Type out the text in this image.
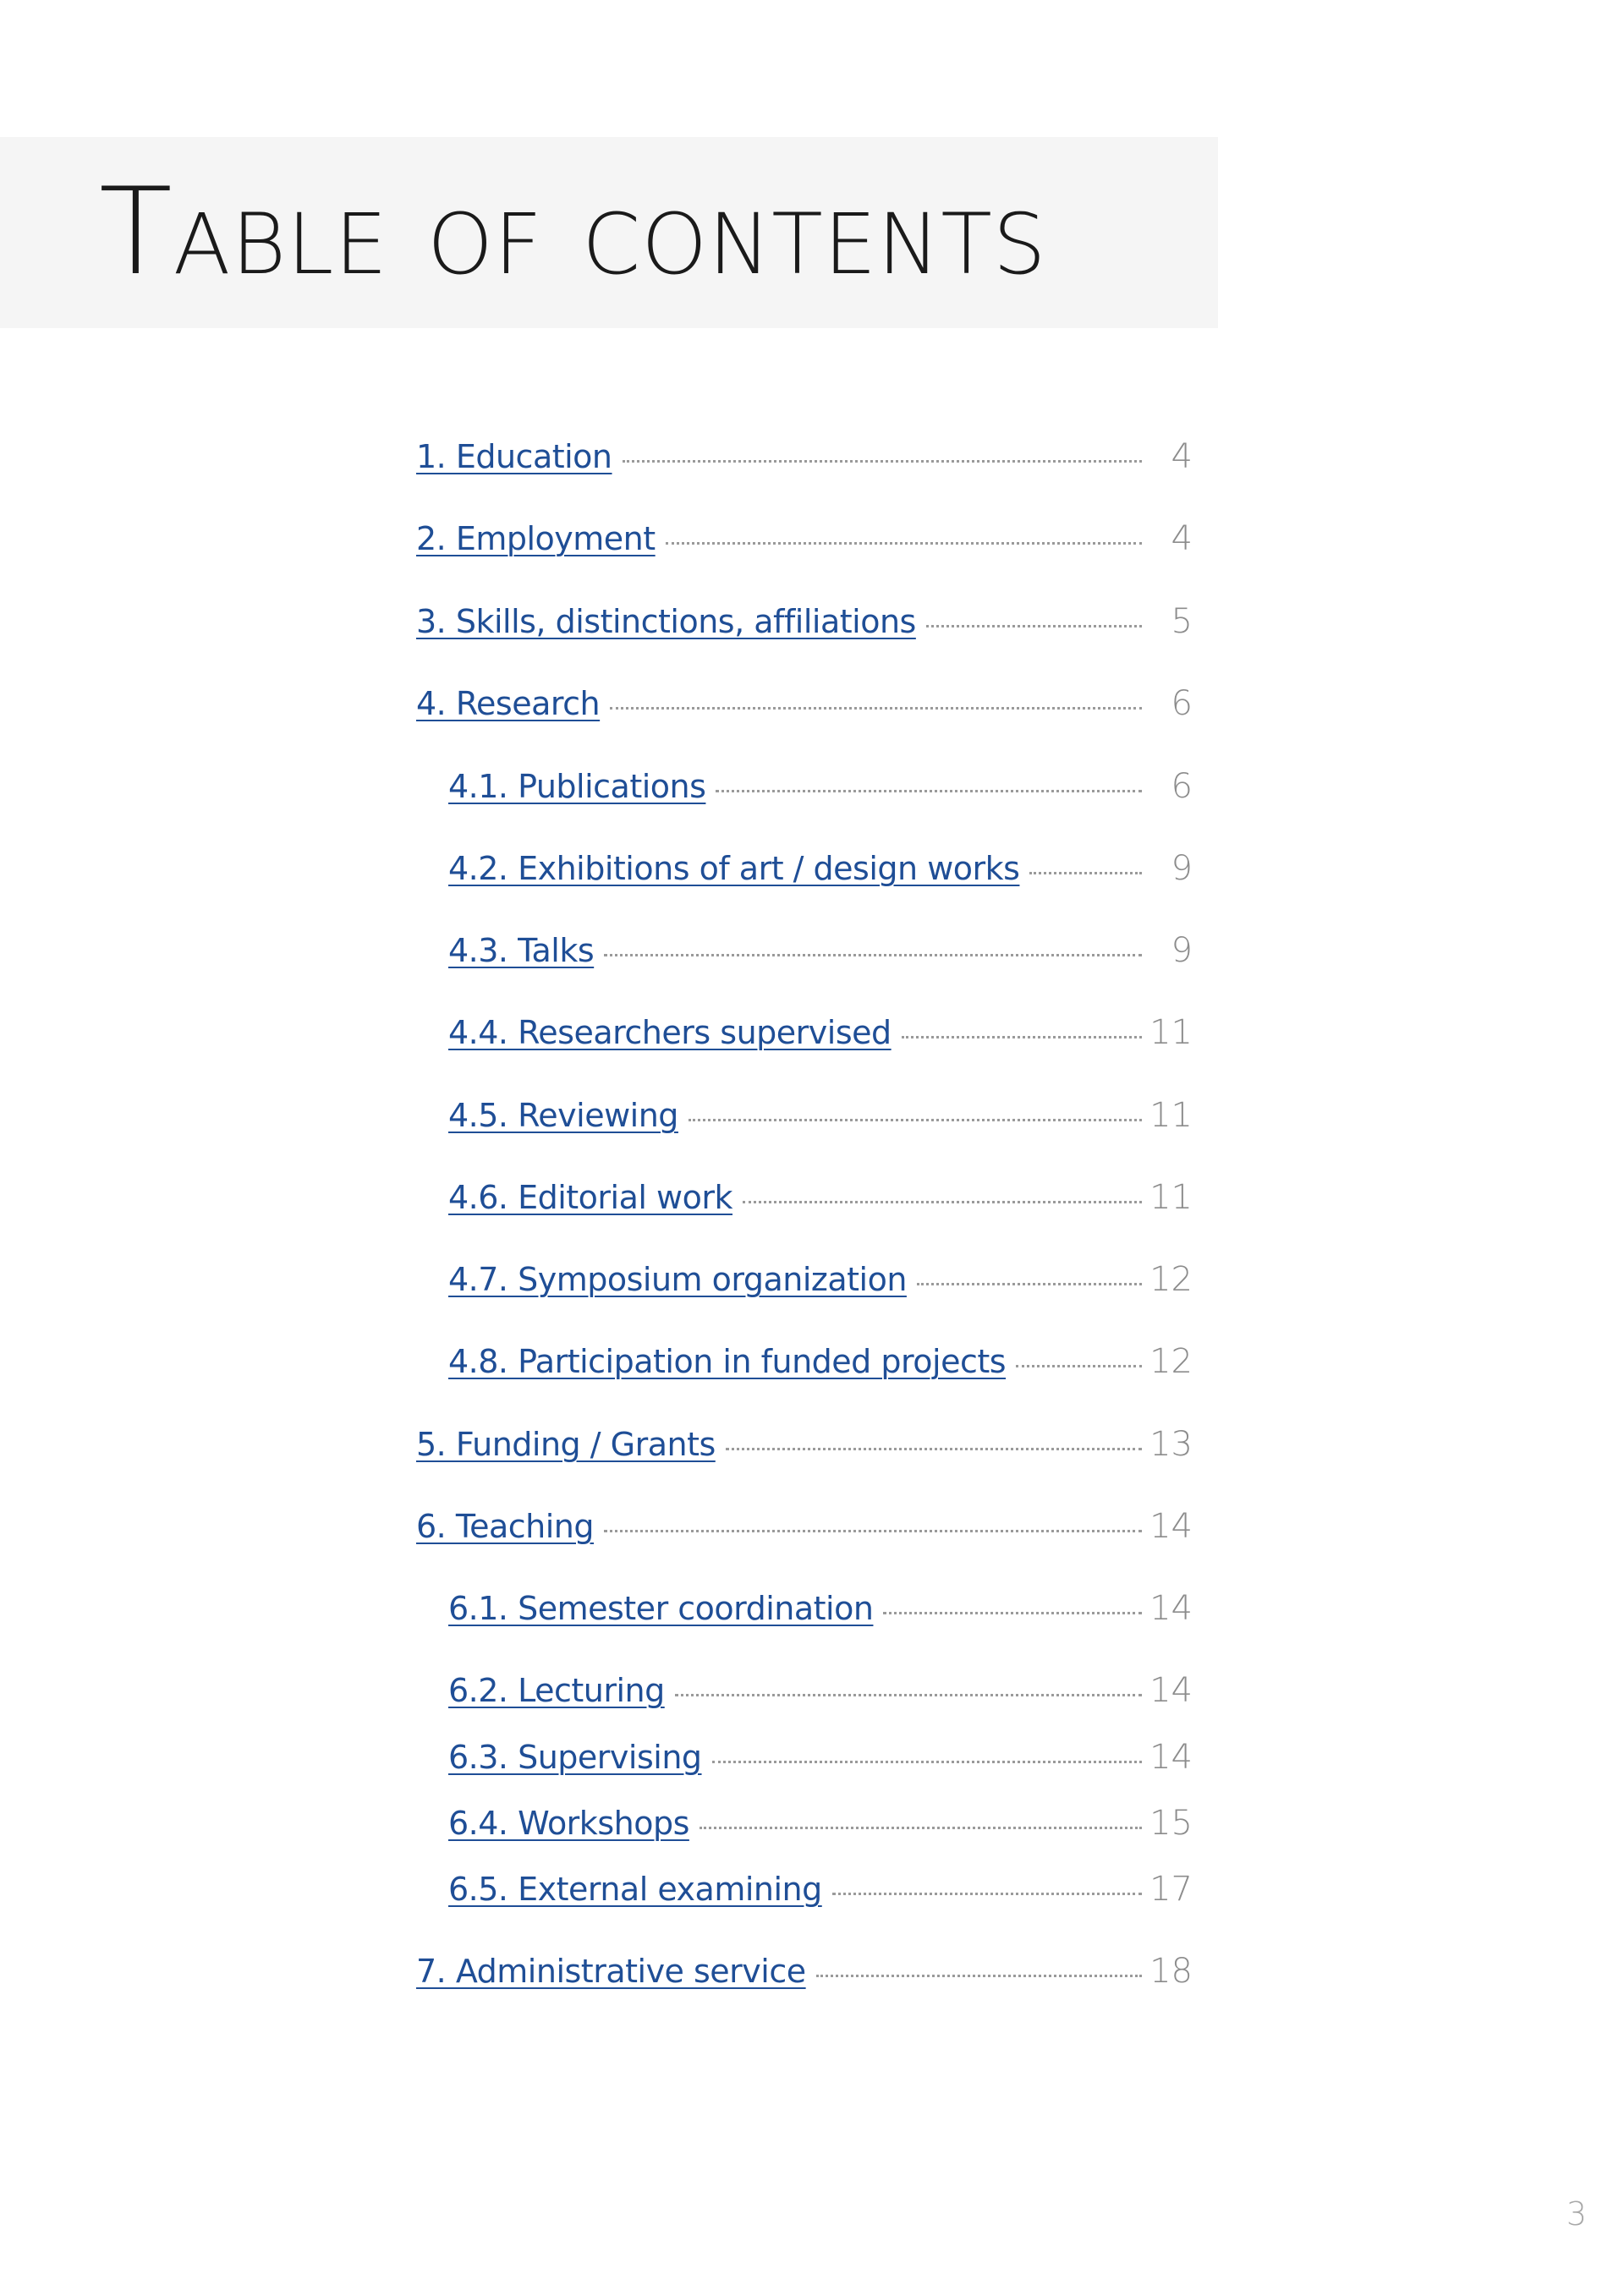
Table of contents
1. Education	4
2. Employment	4
3. Skills, distinctions, affiliations	5
4. Research	6
4.1. Publications	6
4.2. Exhibitions of art / design works	9
4.3. Talks	9
4.4. Researchers supervised	11
4.5. Reviewing	11
4.6. Editorial work	11
4.7. Symposium organization	12
4.8. Participation in funded projects	12
5. Funding / Grants	13
6. Teaching	14
6.1. Semester coordination	14
6.2. Lecturing	14
6.3. Supervising	14
6.4. Workshops	15
6.5. External examining	17
7. Administrative service	18
3
